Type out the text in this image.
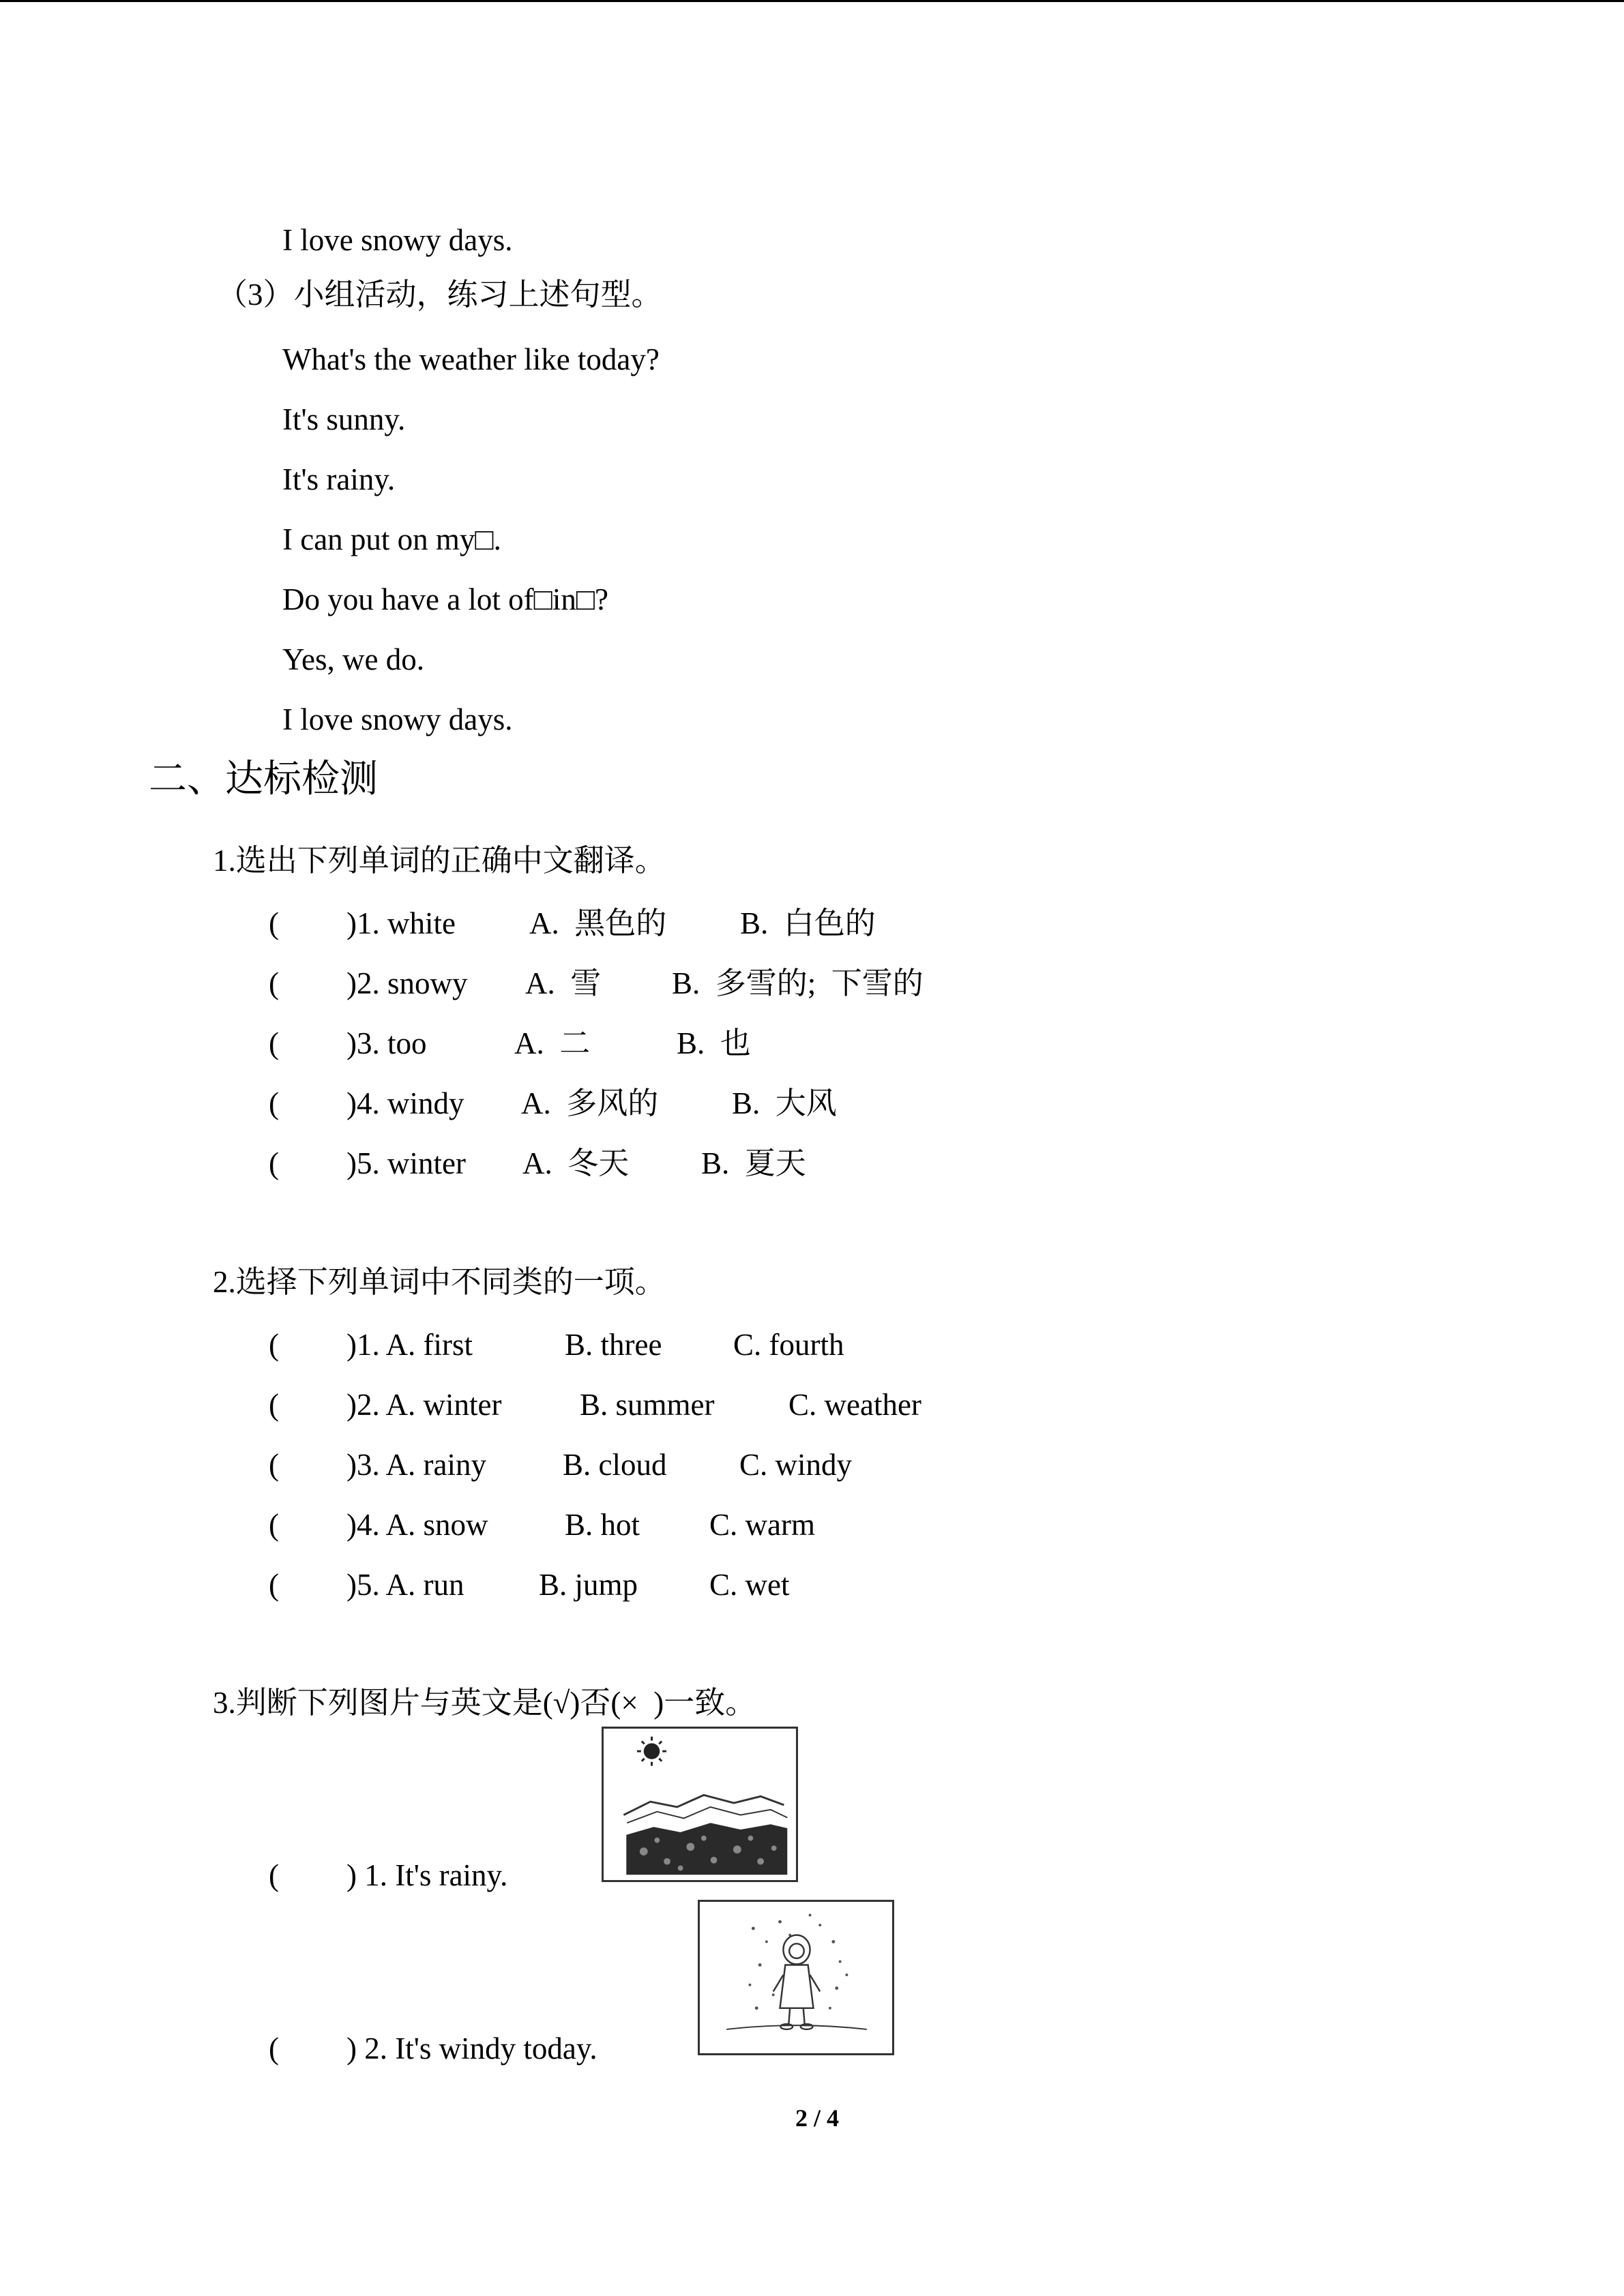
I love snowy days.
（3）小组活动，练习上述句型。
What's the weather like today?
It's sunny.
It's rainy.
I can put on my□.
Do you have a lot of□in□?
Yes, we do.
I love snowy days.
二、达标检测
1.选出下列单词的正确中文翻译。
( )1. white A.  黑色的 B.  白色的
( )2. snowy A.  雪 B.  多雪的;  下雪的
( )3. too	A.  二	B.  也
( )4. windy A.  多风的 B.  大风
( )5. winter A.  冬天 B.  夏天
2.选择下列单词中不同类的一项。
( )1. A. first	B. three C. fourth
( )2. A. winter	B. summer C. weather
( )3. A. rainy B. cloud C. windy
( )4. A. snow B. hot C. warm
( )5. A. run B. jump C. wet
3.判断下列图片与英文是(√)否(×  )一致。
( ) 1. It's rainy.
( ) 2. It's windy today.
2 / 4
